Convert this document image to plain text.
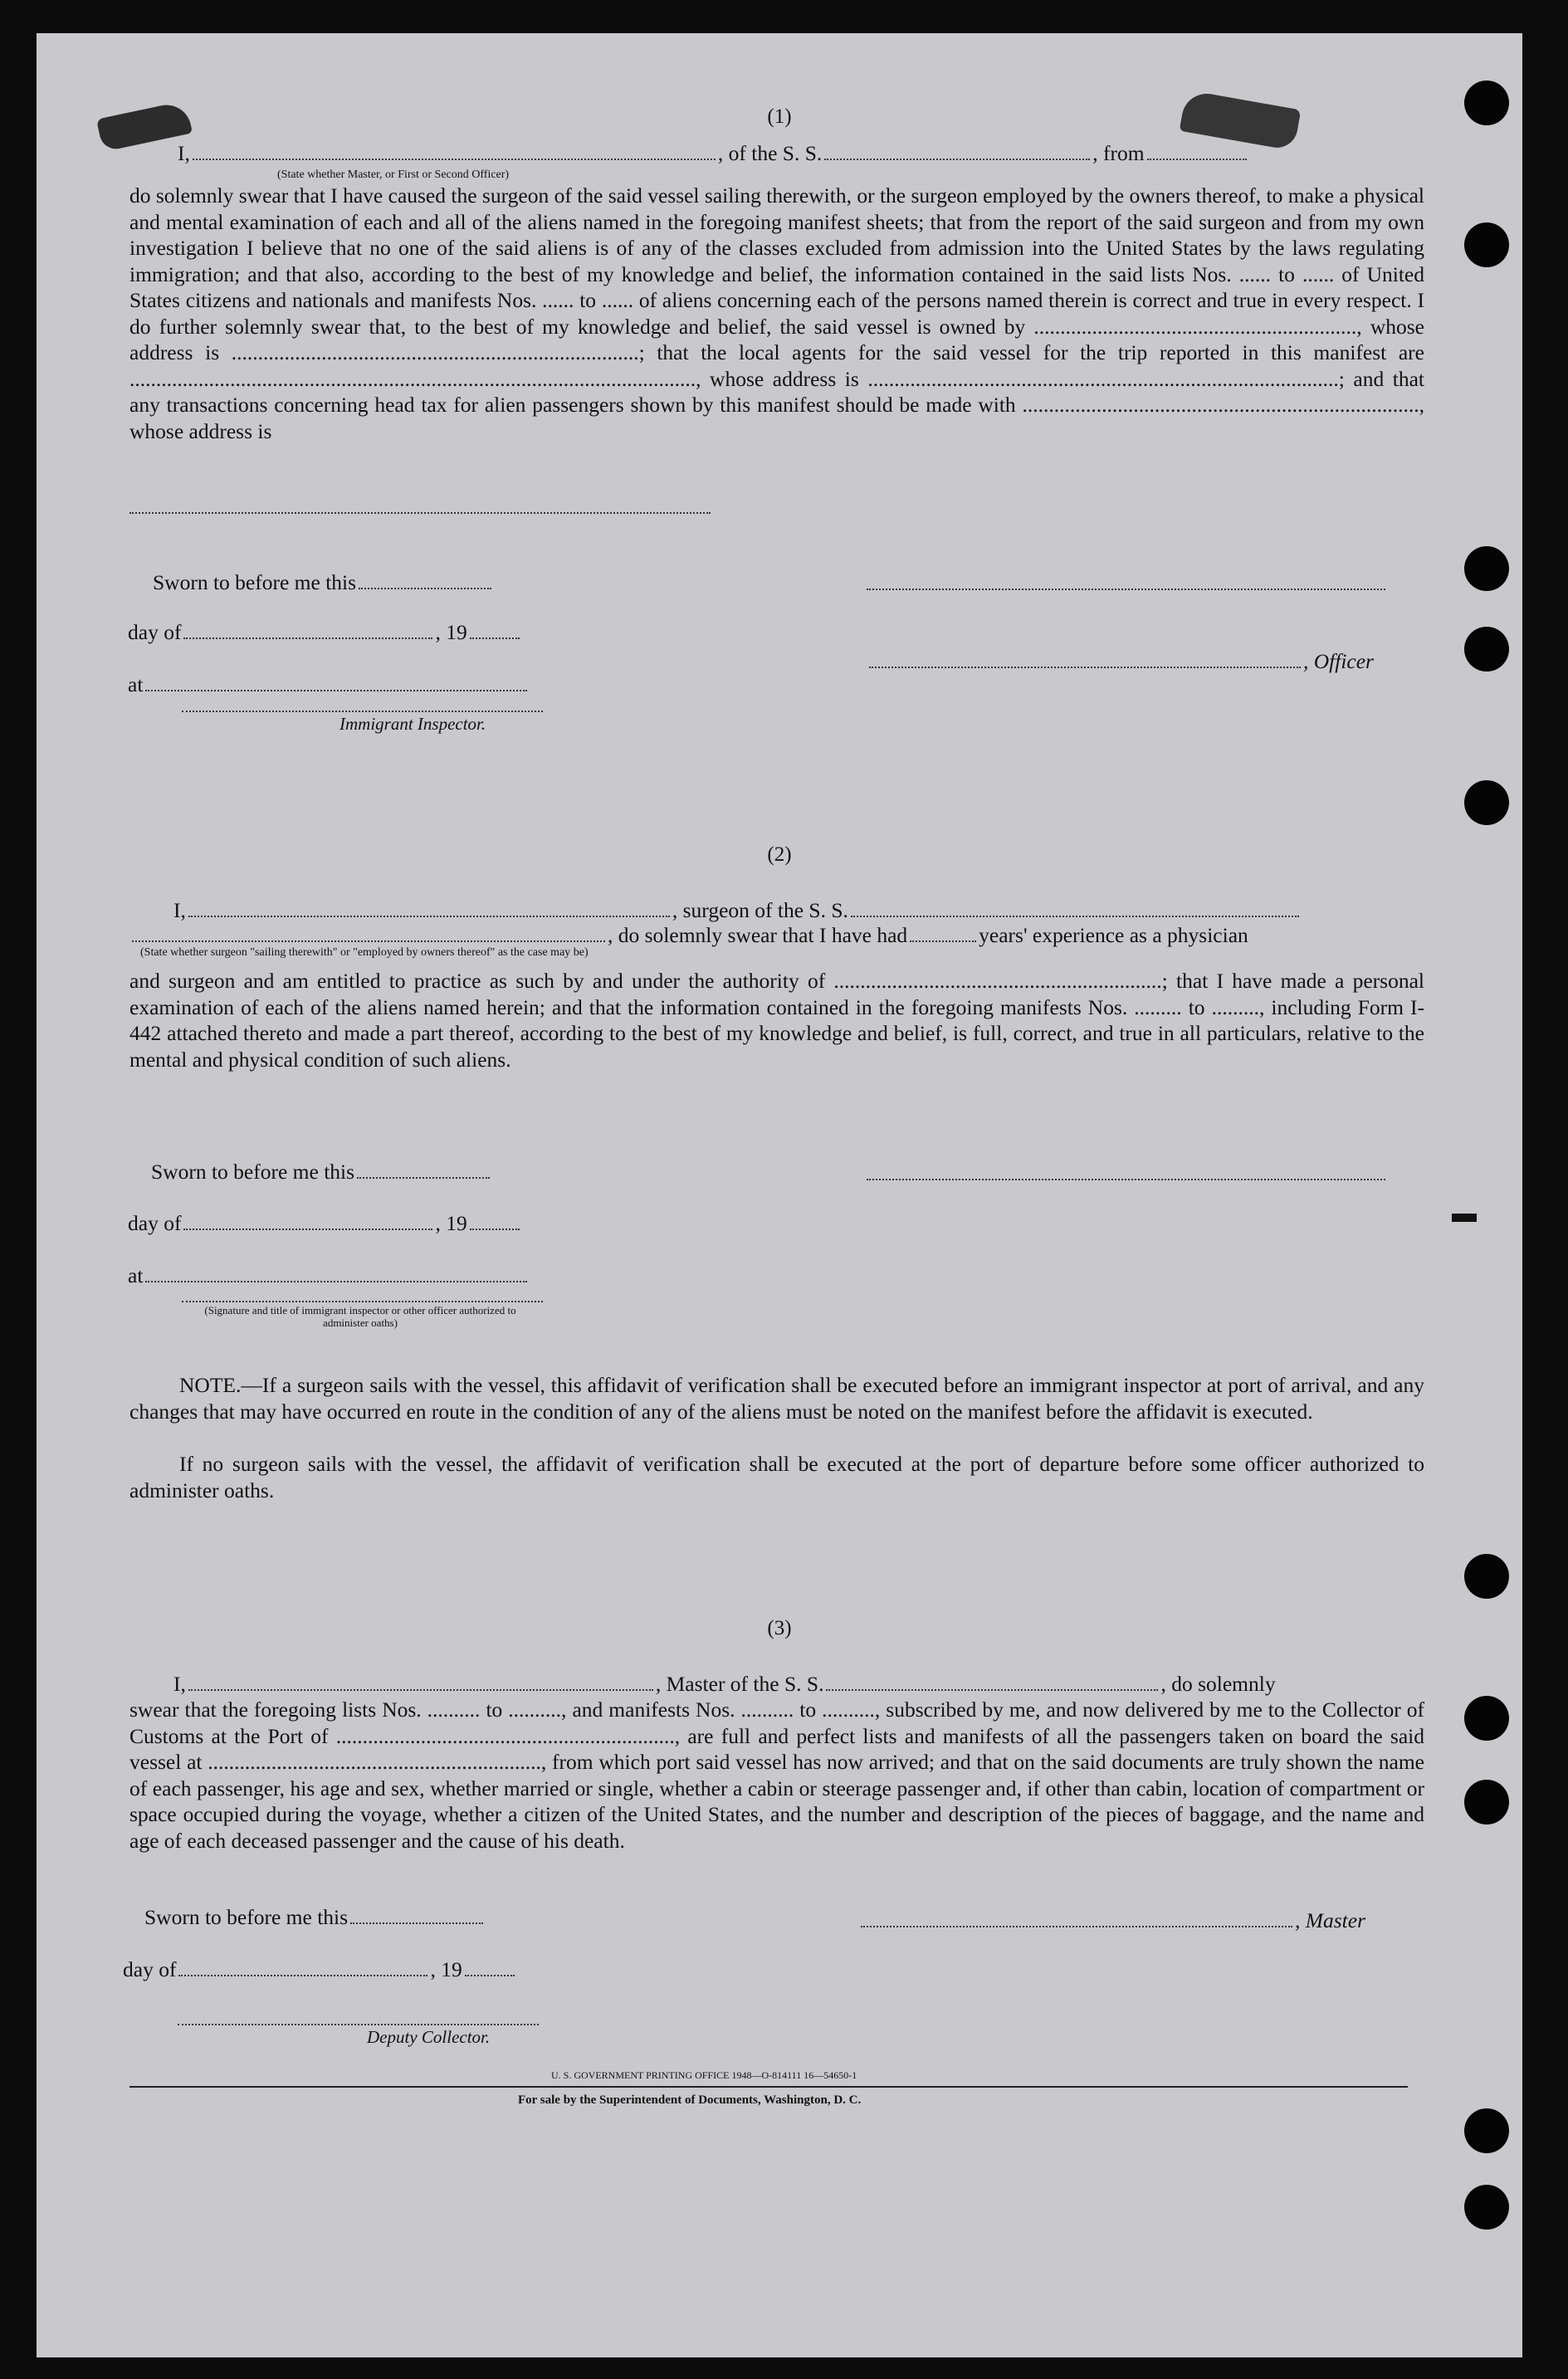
(1)
I,	, of the S. S.	, from
(State whether Master, or First or Second Officer)
do solemnly swear that I have caused the surgeon of the said vessel sailing therewith, or the surgeon employed by the owners thereof, to make a physical and mental examination of each and all of the aliens named in the foregoing manifest sheets; that from the report of the said surgeon and from my own investigation I believe that no one of the said aliens is of any of the classes excluded from admission into the United States by the laws regulating immigration; and that also, according to the best of my knowledge and belief, the information contained in the said lists Nos. ...... to ...... of United States citizens and nationals and manifests Nos. ...... to ...... of aliens concerning each of the persons named therein is correct and true in every respect. I do further solemnly swear that, to the best of my knowledge and belief, the said vessel is owned by ............................................................., whose address is .............................................................................; that the local agents for the said vessel for the trip reported in this manifest are ..........................................................................................................., whose address is .........................................................................................; and that any transactions concerning head tax for alien passengers shown by this manifest should be made with ..........................................................................., whose address is
Sworn to before me this
day of	, 19
, Officer
at
Immigrant Inspector.
(2)
I,	, surgeon of the S. S.
, do solemnly swear that I have had	years' experience as a physician
(State whether surgeon "sailing therewith" or "employed by owners thereof" as the case may be)
and surgeon and am entitled to practice as such by and under the authority of ..............................................................; that I have made a personal examination of each of the aliens named herein; and that the information contained in the foregoing manifests Nos. ......... to ........., including Form I-442 attached thereto and made a part thereof, according to the best of my knowledge and belief, is full, correct, and true in all particulars, relative to the mental and physical condition of such aliens.
Sworn to before me this
day of	, 19
at
(Signature and title of immigrant inspector or other officer authorized to administer oaths)
NOTE.—If a surgeon sails with the vessel, this affidavit of verification shall be executed before an immigrant inspector at port of arrival, and any changes that may have occurred en route in the condition of any of the aliens must be noted on the manifest before the affidavit is executed.
If no surgeon sails with the vessel, the affidavit of verification shall be executed at the port of departure before some officer authorized to administer oaths.
(3)
I,	, Master of the S. S.	, do solemnly
swear that the foregoing lists Nos. .......... to .........., and manifests Nos. .......... to .........., subscribed by me, and now delivered by me to the Collector of Customs at the Port of ................................................................, are full and perfect lists and manifests of all the passengers taken on board the said vessel at ..............................................................., from which port said vessel has now arrived; and that on the said documents are truly shown the name of each passenger, his age and sex, whether married or single, whether a cabin or steerage passenger and, if other than cabin, location of compartment or space occupied during the voyage, whether a citizen of the United States, and the number and description of the pieces of baggage, and the name and age of each deceased passenger and the cause of his death.
Sworn to before me this	, Master
day of	, 19
Deputy Collector.
U. S. GOVERNMENT PRINTING OFFICE 1948—O-814111 16—54650-1
For sale by the Superintendent of Documents, Washington, D. C.
